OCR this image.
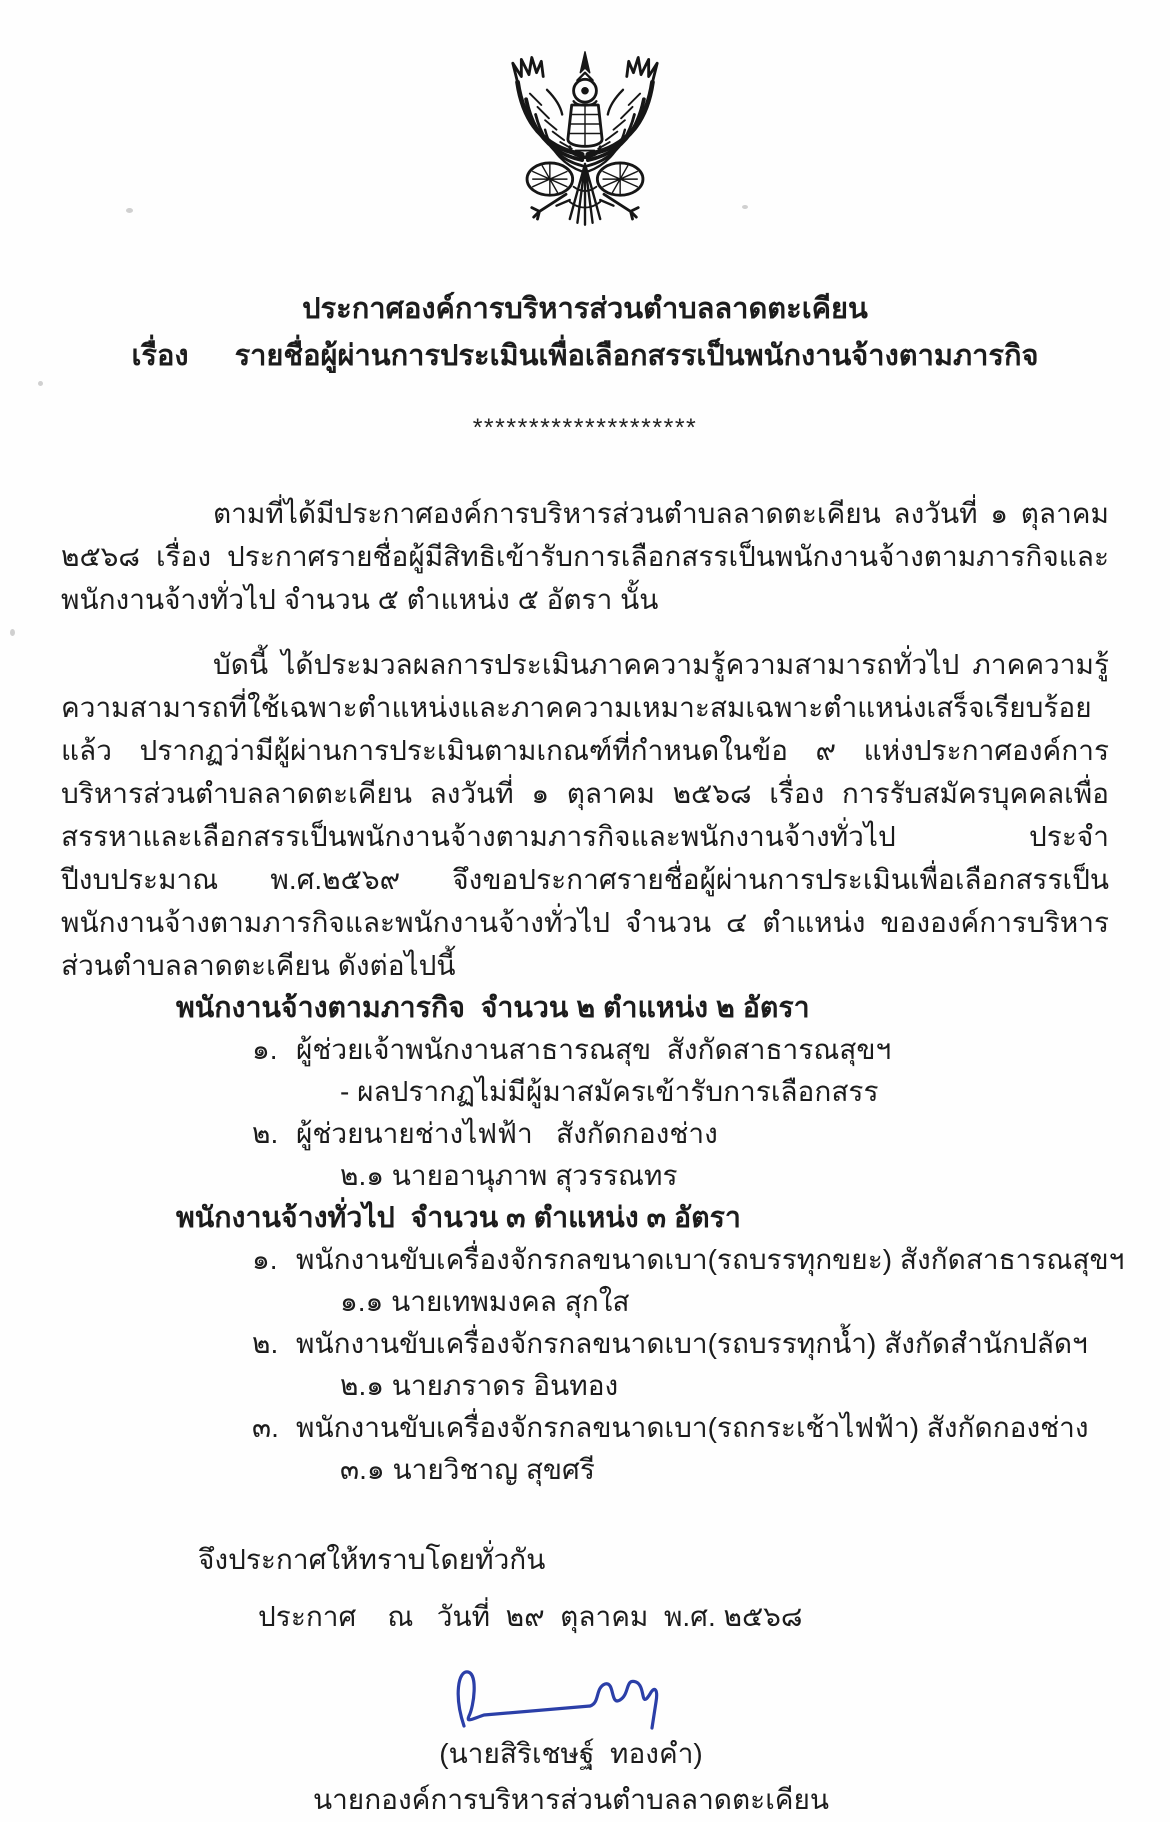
ประกาศองค์การบริหารส่วนตำบลลาดตะเคียน
เรื่อง รายชื่อผู้ผ่านการประเมินเพื่อเลือกสรรเป็นพนักงานจ้างตามภารกิจ
********************

ตามที่ได้มีประกาศองค์การบริหารส่วนตำบลลาดตะเคียน ลงวันที่ ๑ ตุลาคม ๒๕๖๘ เรื่อง ประกาศรายชื่อผู้มีสิทธิเข้ารับการเลือกสรรเป็นพนักงานจ้างตามภารกิจและพนักงานจ้างทั่วไป จำนวน ๕ ตำแหน่ง ๕ อัตรา นั้น

บัดนี้ ได้ประมวลผลการประเมินภาคความรู้ความสามารถทั่วไป ภาคความรู้ความสามารถที่ใช้เฉพาะตำแหน่งและภาคความเหมาะสมเฉพาะตำแหน่งเสร็จเรียบร้อยแล้ว ปรากฏว่ามีผู้ผ่านการประเมินตามเกณฑ์ที่กำหนดในข้อ ๙ แห่งประกาศองค์การบริหารส่วนตำบลลาดตะเคียน ลงวันที่ ๑ ตุลาคม ๒๕๖๘ เรื่อง การรับสมัครบุคคลเพื่อสรรหาและเลือกสรรเป็นพนักงานจ้างตามภารกิจและพนักงานจ้างทั่วไป ประจำปีงบประมาณ พ.ศ.๒๕๖๙ จึงขอประกาศรายชื่อผู้ผ่านการประเมินเพื่อเลือกสรรเป็นพนักงานจ้างตามภารกิจและพนักงานจ้างทั่วไป จำนวน ๔ ตำแหน่ง ขององค์การบริหารส่วนตำบลลาดตะเคียน ดังต่อไปนี้

พนักงานจ้างตามภารกิจ  จำนวน ๒ ตำแหน่ง ๒ อัตรา
๑. ผู้ช่วยเจ้าพนักงานสาธารณสุข  สังกัดสาธารณสุขฯ
- ผลปรากฏไม่มีผู้มาสมัครเข้ารับการเลือกสรร
๒. ผู้ช่วยนายช่างไฟฟ้า   สังกัดกองช่าง
๒.๑ นายอานุภาพ สุวรรณทร
พนักงานจ้างทั่วไป  จำนวน ๓ ตำแหน่ง ๓ อัตรา
๑. พนักงานขับเครื่องจักรกลขนาดเบา(รถบรรทุกขยะ) สังกัดสาธารณสุขฯ
๑.๑ นายเทพมงคล สุกใส
๒. พนักงานขับเครื่องจักรกลขนาดเบา(รถบรรทุกน้ำ) สังกัดสำนักปลัดฯ
๒.๑ นายภราดร อินทอง
๓. พนักงานขับเครื่องจักรกลขนาดเบา(รถกระเช้าไฟฟ้า) สังกัดกองช่าง
๓.๑ นายวิชาญ สุขศรี
จึงประกาศให้ทราบโดยทั่วกัน
ประกาศ    ณ   วันที่  ๒๙  ตุลาคม  พ.ศ. ๒๕๖๘
(นายสิริเชษฐ์  ทองคำ)
นายกองค์การบริหารส่วนตำบลลาดตะเคียน
